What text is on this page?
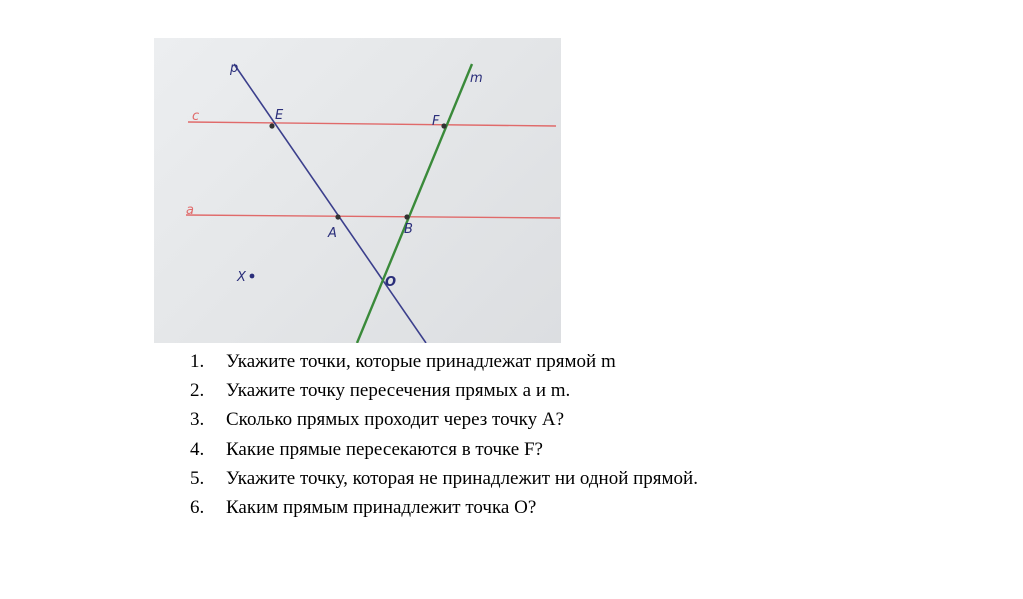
p
m
c
a
E	F
A	B
O
X
1. Укажите точки, которые принадлежат прямой m
2. Укажите точку пересечения прямых a и m.
3. Сколько прямых проходит через точку A?
4. Какие прямые пересекаются в точке F?
5. Укажите точку, которая не принадлежит ни одной прямой.
6. Каким прямым принадлежит точка O?
